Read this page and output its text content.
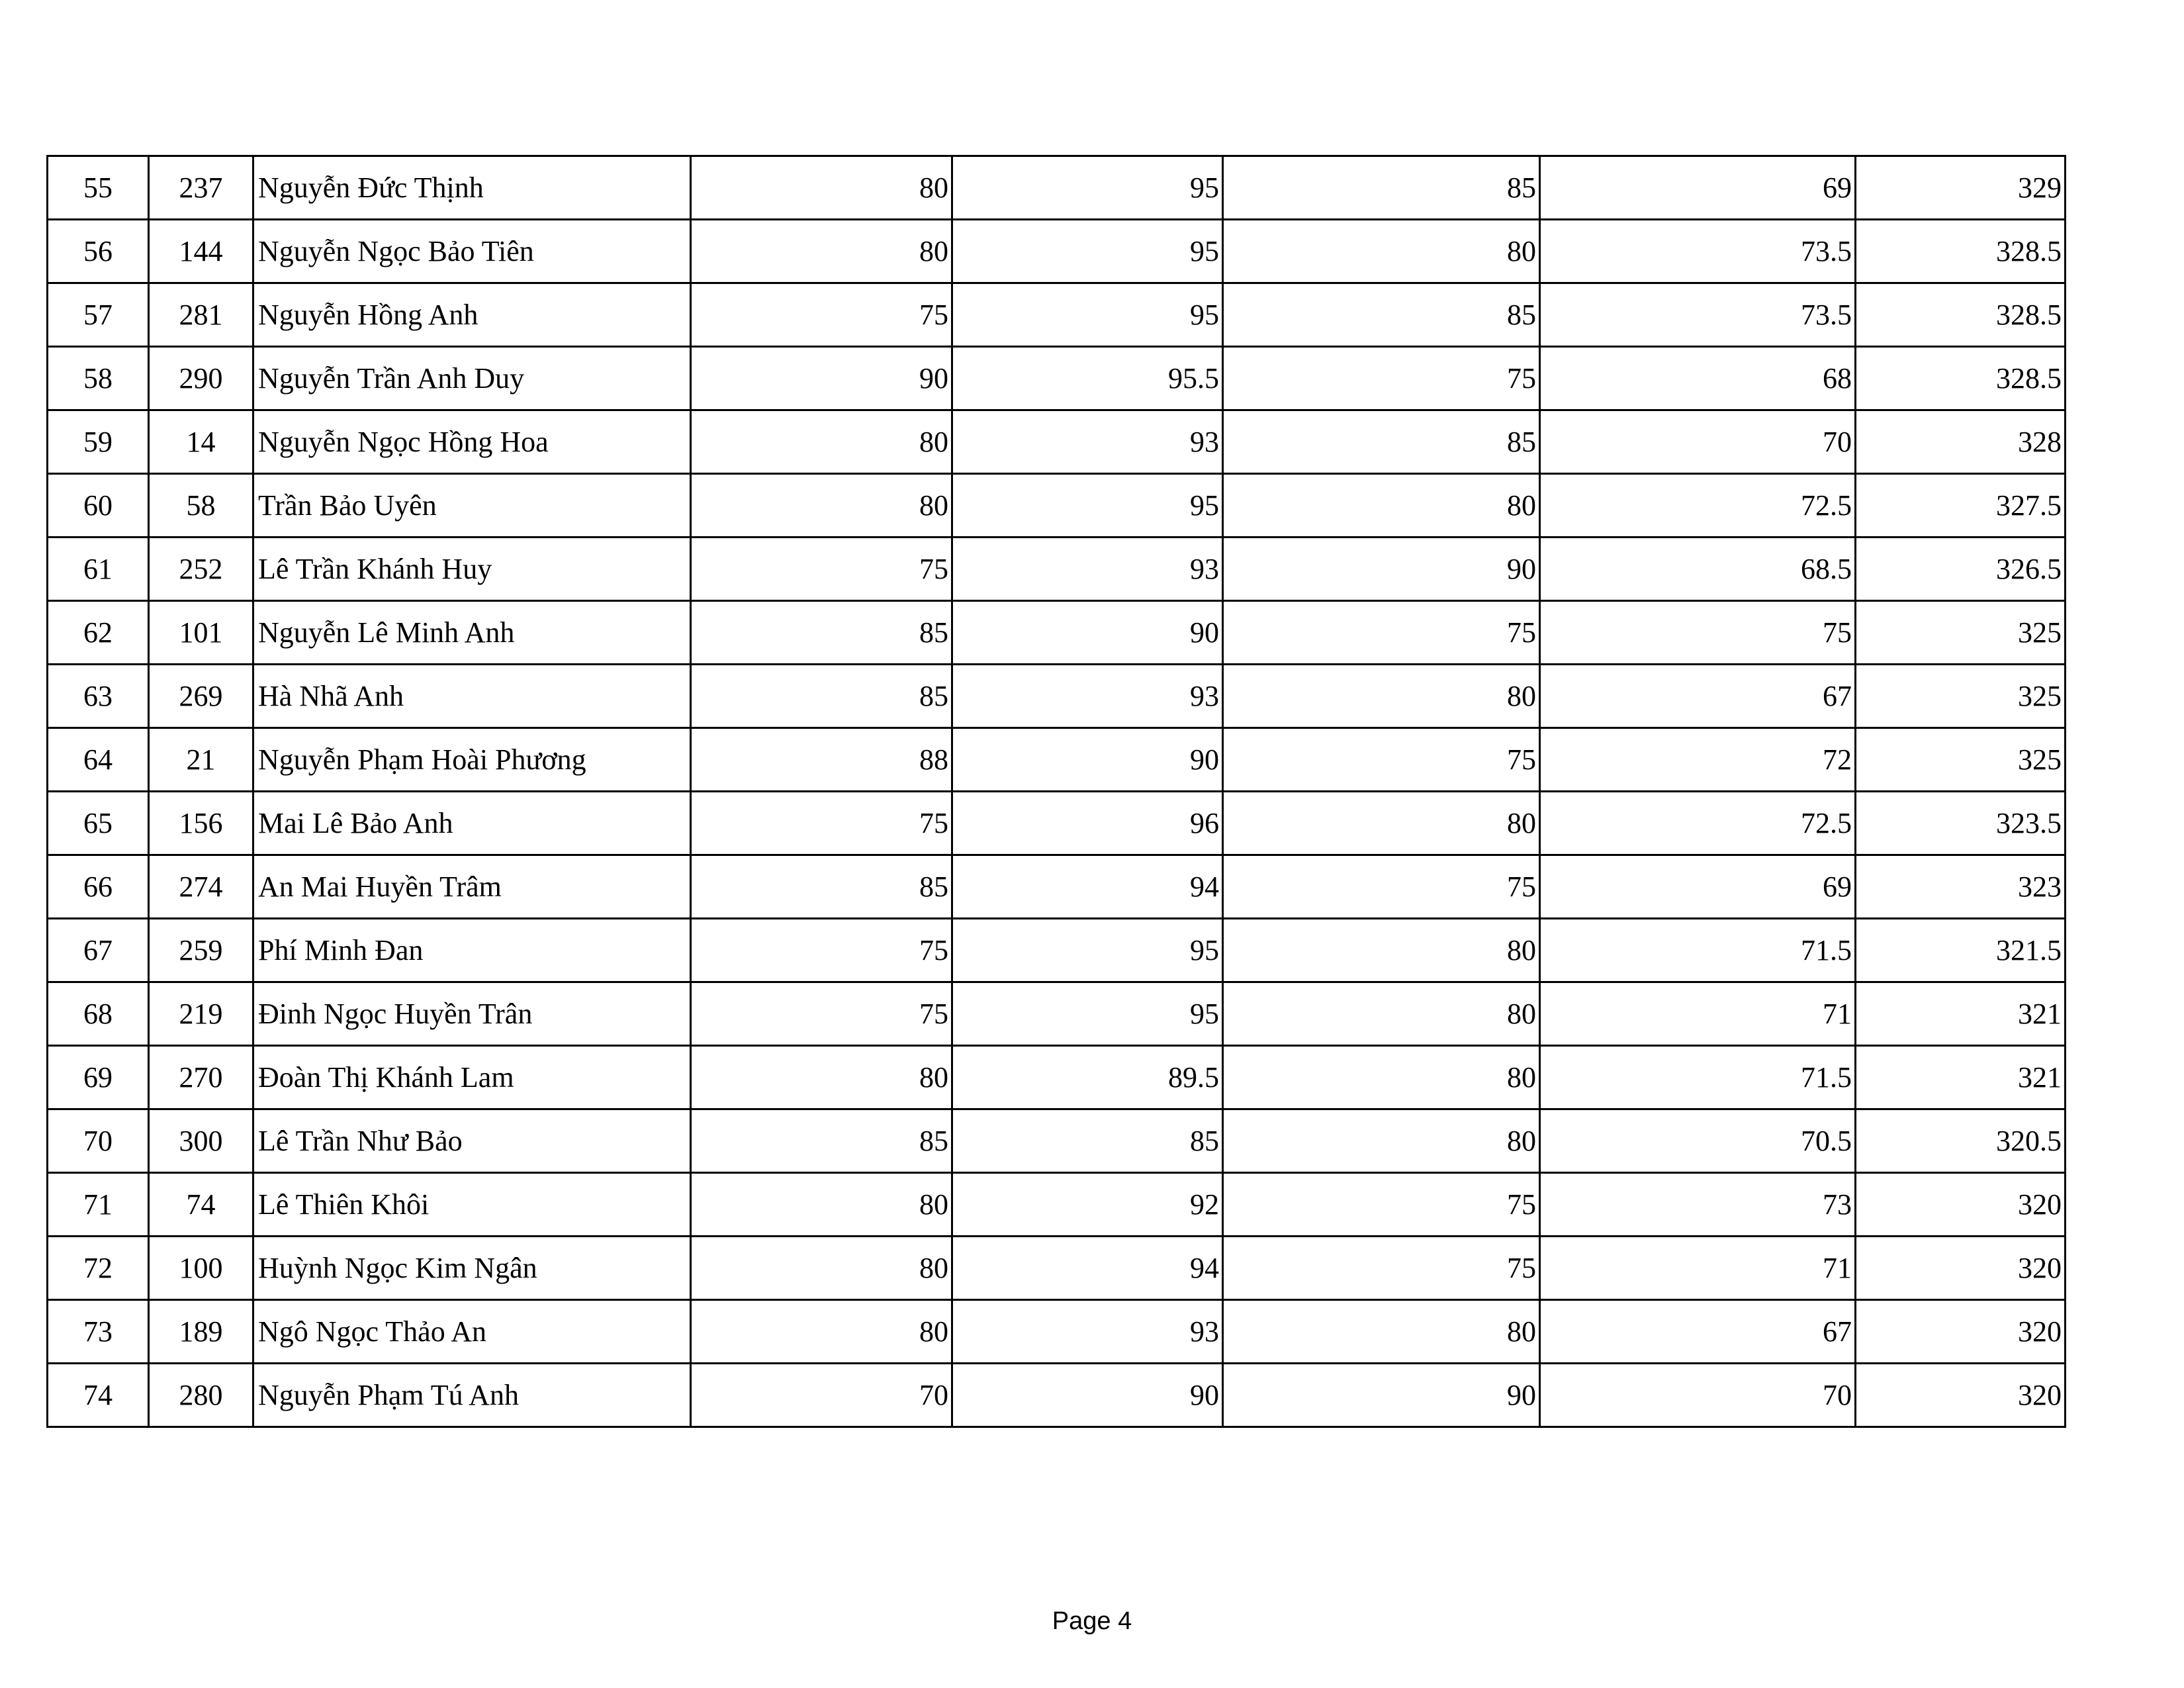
55	237	Nguyễn Đức Thịnh	80	95	85	69	329
56	144	Nguyễn Ngọc Bảo Tiên	80	95	80	73.5	328.5
57	281	Nguyễn Hồng Anh	75	95	85	73.5	328.5
58	290	Nguyễn Trần Anh Duy	90	95.5	75	68	328.5
59	14	Nguyễn Ngọc Hồng Hoa	80	93	85	70	328
60	58	Trần Bảo Uyên	80	95	80	72.5	327.5
61	252	Lê Trần Khánh Huy	75	93	90	68.5	326.5
62	101	Nguyễn Lê Minh Anh	85	90	75	75	325
63	269	Hà Nhã Anh	85	93	80	67	325
64	21	Nguyễn Phạm Hoài Phương	88	90	75	72	325
65	156	Mai Lê Bảo Anh	75	96	80	72.5	323.5
66	274	An Mai Huyền Trâm	85	94	75	69	323
67	259	Phí Minh Đan	75	95	80	71.5	321.5
68	219	Đinh Ngọc Huyền Trân	75	95	80	71	321
69	270	Đoàn Thị Khánh Lam	80	89.5	80	71.5	321
70	300	Lê Trần Như Bảo	85	85	80	70.5	320.5
71	74	Lê Thiên Khôi	80	92	75	73	320
72	100	Huỳnh Ngọc Kim Ngân	80	94	75	71	320
73	189	Ngô Ngọc Thảo An	80	93	80	67	320
74	280	Nguyễn Phạm Tú Anh	70	90	90	70	320
Page 4
